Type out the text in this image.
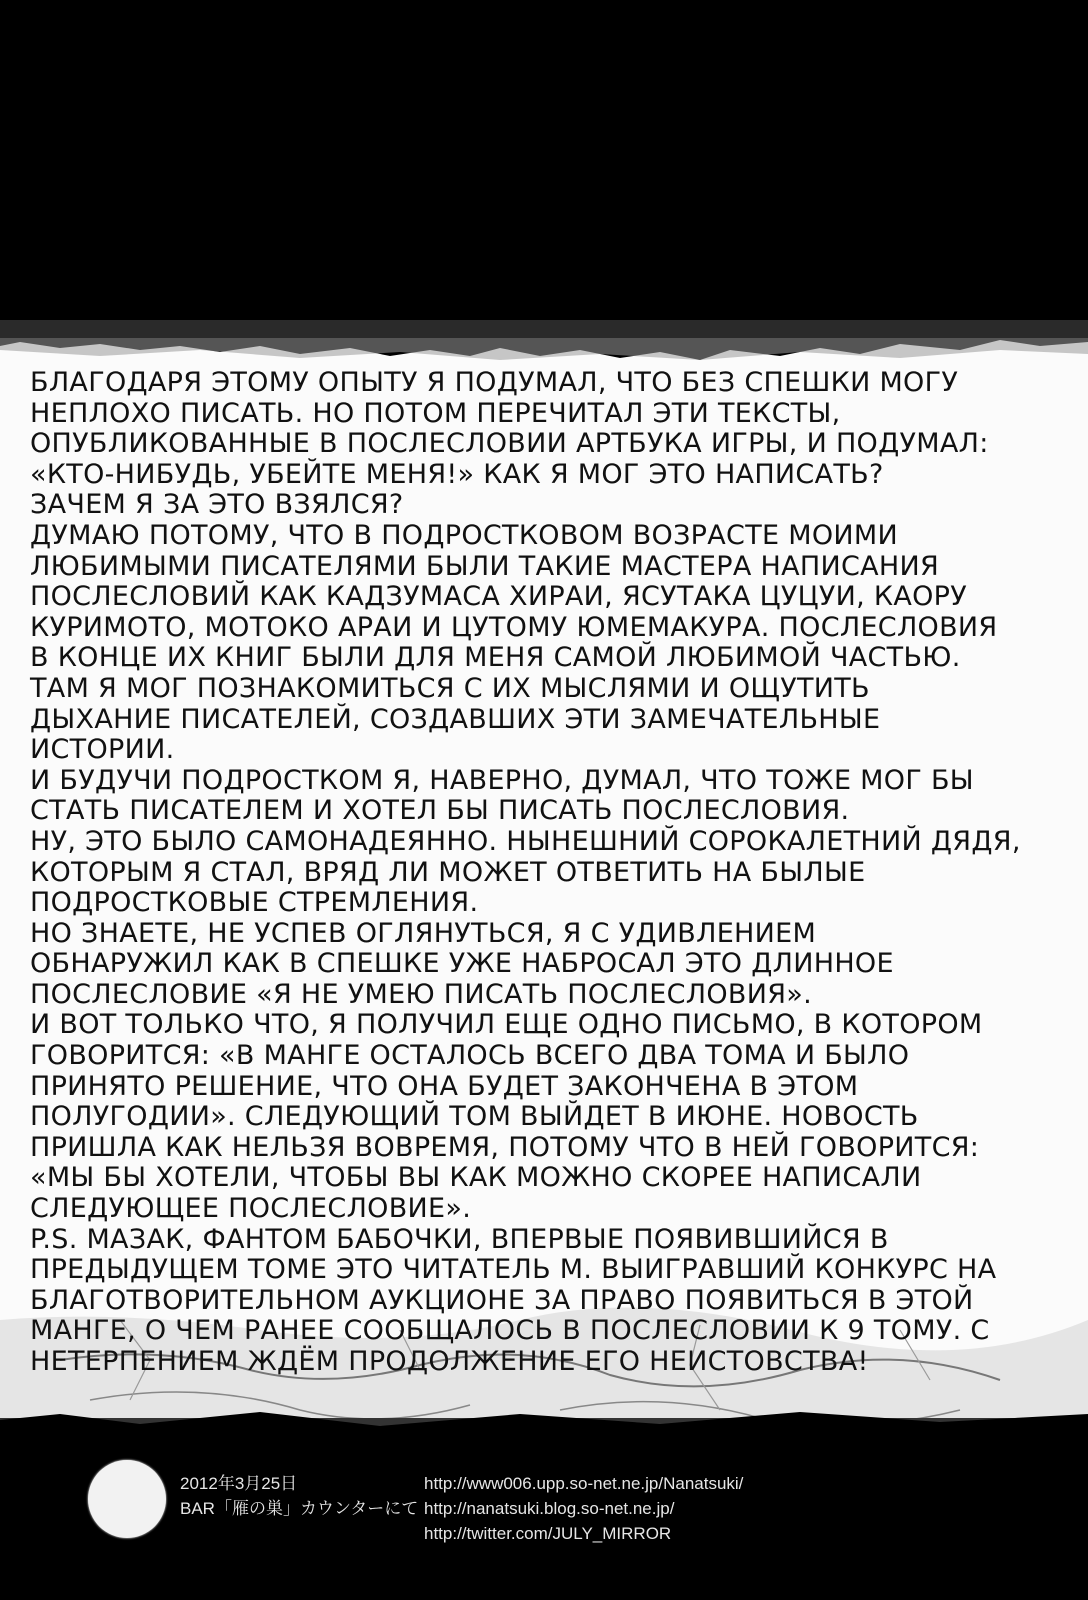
БЛАГОДАРЯ ЭТОМУ ОПЫТУ Я ПОДУМАЛ, ЧТО БЕЗ СПЕШКИ МОГУ
НЕПЛОХО ПИСАТЬ. НО ПОТОМ ПЕРЕЧИТАЛ ЭТИ ТЕКСТЫ,
ОПУБЛИКОВАННЫЕ В ПОСЛЕСЛОВИИ АРТБУКА ИГРЫ, И ПОДУМАЛ:
«КТО-НИБУДЬ, УБЕЙТЕ МЕНЯ!» КАК Я МОГ ЭТО НАПИСАТЬ?
ЗАЧЕМ Я ЗА ЭТО ВЗЯЛСЯ?
ДУМАЮ ПОТОМУ, ЧТО В ПОДРОСТКОВОМ ВОЗРАСТЕ МОИМИ
ЛЮБИМЫМИ ПИСАТЕЛЯМИ БЫЛИ ТАКИЕ МАСТЕРА НАПИСАНИЯ
ПОСЛЕСЛОВИЙ КАК КАДЗУМАСА ХИРАИ, ЯСУТАКА ЦУЦУИ, КАОРУ
КУРИМОТО, МОТОКО АРАИ И ЦУТОМУ ЮМЕМАКУРА. ПОСЛЕСЛОВИЯ
В КОНЦЕ ИХ КНИГ БЫЛИ ДЛЯ МЕНЯ САМОЙ ЛЮБИМОЙ ЧАСТЬЮ.
ТАМ Я МОГ ПОЗНАКОМИТЬСЯ С ИХ МЫСЛЯМИ И ОЩУТИТЬ
ДЫХАНИЕ ПИСАТЕЛЕЙ, СОЗДАВШИХ ЭТИ ЗАМЕЧАТЕЛЬНЫЕ
ИСТОРИИ.
И БУДУЧИ ПОДРОСТКОМ Я, НАВЕРНО, ДУМАЛ, ЧТО ТОЖЕ МОГ БЫ
СТАТЬ ПИСАТЕЛЕМ И ХОТЕЛ БЫ ПИСАТЬ ПОСЛЕСЛОВИЯ.
НУ, ЭТО БЫЛО САМОНАДЕЯННО. НЫНЕШНИЙ СОРОКАЛЕТНИЙ ДЯДЯ,
КОТОРЫМ Я СТАЛ, ВРЯД ЛИ МОЖЕТ ОТВЕТИТЬ НА БЫЛЫЕ
ПОДРОСТКОВЫЕ СТРЕМЛЕНИЯ.
НО ЗНАЕТЕ, НЕ УСПЕВ ОГЛЯНУТЬСЯ, Я С УДИВЛЕНИЕМ
ОБНАРУЖИЛ КАК В СПЕШКЕ УЖЕ НАБРОСАЛ ЭТО ДЛИННОЕ
ПОСЛЕСЛОВИЕ «Я НЕ УМЕЮ ПИСАТЬ ПОСЛЕСЛОВИЯ».
И ВОТ ТОЛЬКО ЧТО, Я ПОЛУЧИЛ ЕЩЕ ОДНО ПИСЬМО, В КОТОРОМ
ГОВОРИТСЯ: «В МАНГЕ ОСТАЛОСЬ ВСЕГО ДВА ТОМА И БЫЛО
ПРИНЯТО РЕШЕНИЕ, ЧТО ОНА БУДЕТ ЗАКОНЧЕНА В ЭТОМ
ПОЛУГОДИИ». СЛЕДУЮЩИЙ ТОМ ВЫЙДЕТ В ИЮНЕ. НОВОСТЬ
ПРИШЛА КАК НЕЛЬЗЯ ВОВРЕМЯ, ПОТОМУ ЧТО В НЕЙ ГОВОРИТСЯ:
«МЫ БЫ ХОТЕЛИ, ЧТОБЫ ВЫ КАК МОЖНО СКОРЕЕ НАПИСАЛИ
СЛЕДУЮЩЕЕ ПОСЛЕСЛОВИЕ».
P.S. МАЗАК, ФАНТОМ БАБОЧКИ, ВПЕРВЫЕ ПОЯВИВШИЙСЯ В
ПРЕДЫДУЩЕМ ТОМЕ ЭТО ЧИТАТЕЛЬ М. ВЫИГРАВШИЙ КОНКУРС НА
БЛАГОТВОРИТЕЛЬНОМ АУКЦИОНЕ ЗА ПРАВО ПОЯВИТЬСЯ В ЭТОЙ
МАНГЕ, О ЧЕМ РАНЕЕ СООБЩАЛОСЬ В ПОСЛЕСЛОВИИ К 9 ТОМУ. С
НЕТЕРПЕНИЕМ ЖДЁМ ПРОДОЛЖЕНИЕ ЕГО НЕИСТОВСТВА!
2012年3月25日
BAR「雁の巣」カウンターにて
http://www006.upp.so-net.ne.jp/Nanatsuki/
http://nanatsuki.blog.so-net.ne.jp/
http://twitter.com/JULY_MIRROR
